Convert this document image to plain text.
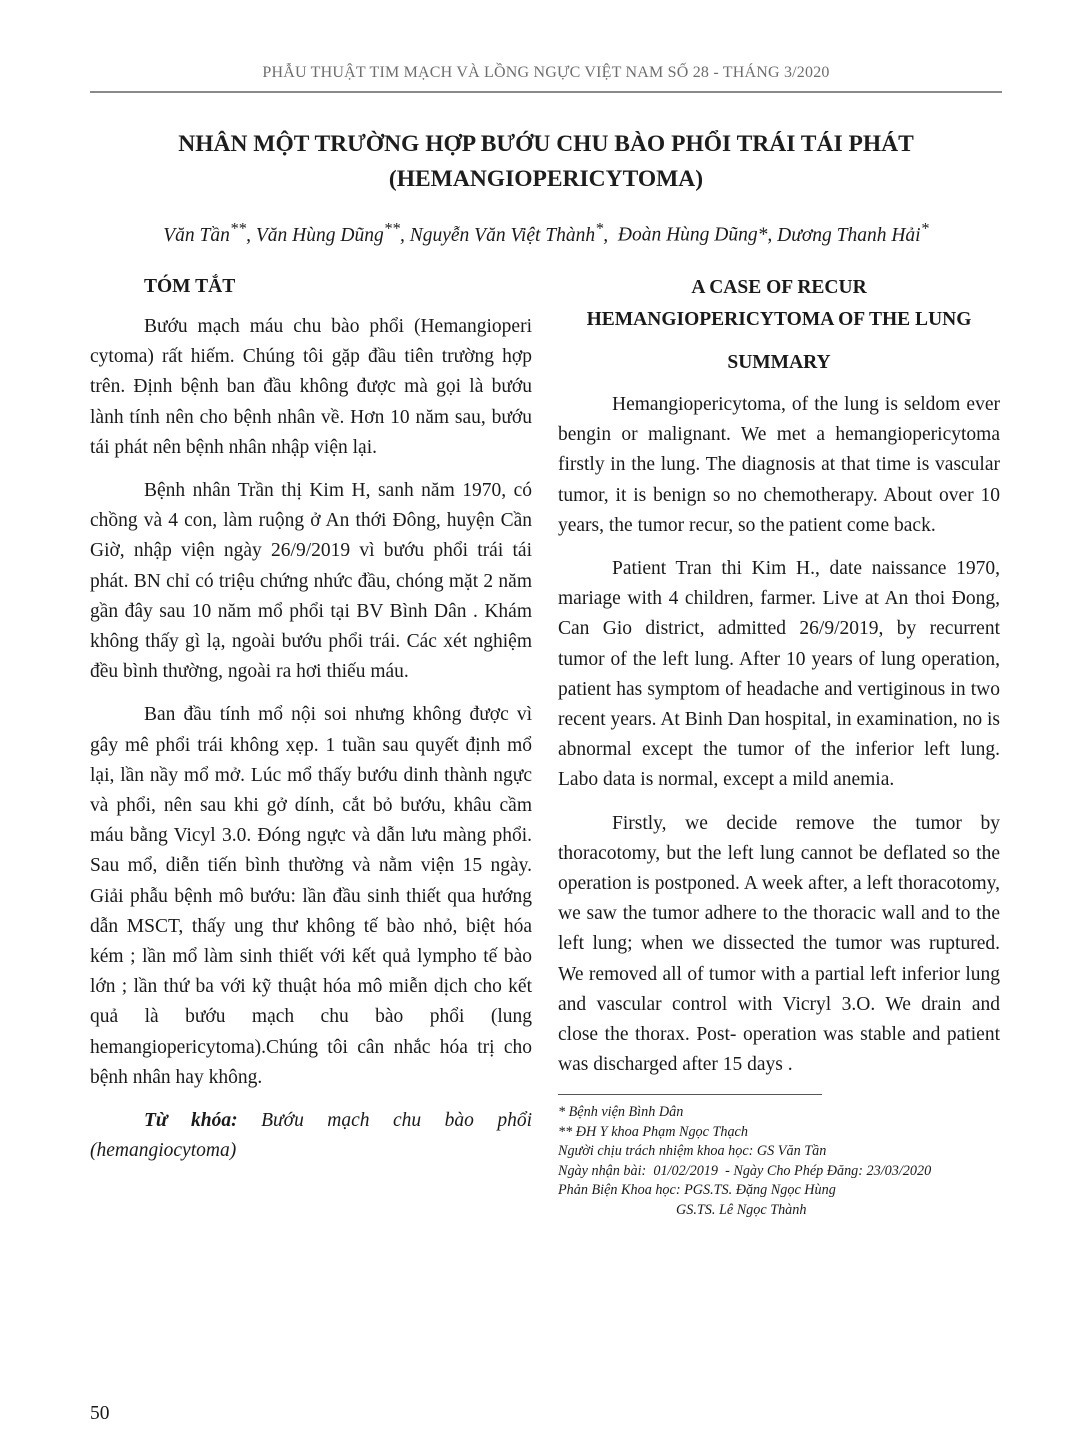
PHẪU THUẬT TIM MẠCH VÀ LỒNG NGỰC VIỆT NAM SỐ 28 - THÁNG 3/2020
NHÂN MỘT TRƯỜNG HỢP BƯỚU CHU BÀO PHỔI TRÁI TÁI PHÁT
(HEMANGIOPERICYTOMA)
Văn Tần**, Văn Hùng Dũng**, Nguyễn Văn Việt Thành*,  Đoàn Hùng Dũng*, Dương Thanh Hải*
TÓM TẮT

Bướu mạch máu chu bào phổi (Hemangioperi cytoma) rất hiếm. Chúng tôi gặp đầu tiên trường hợp trên. Định bệnh ban đầu không được mà gọi là bướu lành tính nên cho bệnh nhân về. Hơn 10 năm sau, bướu tái phát nên bệnh nhân nhập viện lại.

Bệnh nhân Trần thị Kim H, sanh năm 1970, có chồng và 4 con, làm ruộng ở An thới Đông, huyện Cần Giờ, nhập viện ngày 26/9/2019 vì bướu phổi trái tái phát. BN chỉ có triệu chứng nhức đầu, chóng mặt 2 năm gần đây sau 10 năm mổ phổi tại BV Bình Dân . Khám không thấy gì lạ, ngoài bướu phổi trái. Các xét nghiệm đều bình thường, ngoài ra hơi thiếu máu.

Ban đầu tính mổ nội soi nhưng không được vì gây mê phổi trái không xẹp. 1 tuần sau quyết định mổ lại, lần nầy mổ mở. Lúc mổ thấy bướu dinh thành ngực và phổi, nên sau khi gở dính, cắt bỏ bướu, khâu cầm máu bằng Vicyl 3.0. Đóng ngực và dẫn lưu màng phổi. Sau mổ, diễn tiến bình thường và nằm viện 15 ngày. Giải phẫu bệnh mô bướu: lần đầu sinh thiết qua hướng dẫn MSCT, thấy ung thư không tế bào nhỏ, biệt hóa kém ; lần mổ làm sinh thiết với kết quả lympho tế bào lớn ; lần thứ ba với kỹ thuật hóa mô miễn dịch cho kết quả là bướu mạch chu bào phổi (lung hemangiopericytoma).Chúng tôi cân nhắc hóa trị cho bệnh nhân hay không.

Từ khóa: Bướu mạch chu bào phổi (hemangiocytoma)

A CASE OF RECUR
HEMANGIOPERICYTOMA OF THE LUNG
SUMMARY

Hemangiopericytoma, of the lung is seldom ever bengin or malignant. We met a hemangiopericytoma firstly in the lung. The diagnosis at that time is vascular tumor, it is benign so no chemotherapy. About over 10 years, the tumor recur, so the patient come back.

Patient Tran thi Kim H., date naissance 1970, mariage with 4 children, farmer. Live at An thoi Đong, Can Gio district, admitted 26/9/2019, by recurrent tumor of the left lung. After 10 years of lung operation, patient has symptom of headache and vertiginous in two recent years. At Binh Dan hospital, in examination, no is abnormal except the tumor of the inferior left lung. Labo data is normal, except a mild anemia.

Firstly, we decide remove the tumor by thoracotomy, but the left lung cannot be deflated so the operation is postponed. A week after, a left thoracotomy, we saw the tumor adhere to the thoracic wall and to the left lung; when we dissected the tumor was ruptured. We removed all of tumor with a partial left inferior lung and vascular control with Vicryl 3.O. We drain and close the thorax. Post- operation was stable and patient was discharged after 15 days .

* Bệnh viện Bình Dân
** ĐH Y khoa Phạm Ngọc Thạch
Người chịu trách nhiệm khoa học: GS Văn Tần
Ngày nhận bài:  01/02/2019  - Ngày Cho Phép Đăng: 23/03/2020
Phản Biện Khoa học: PGS.TS. Đặng Ngọc Hùng
GS.TS. Lê Ngọc Thành
50
